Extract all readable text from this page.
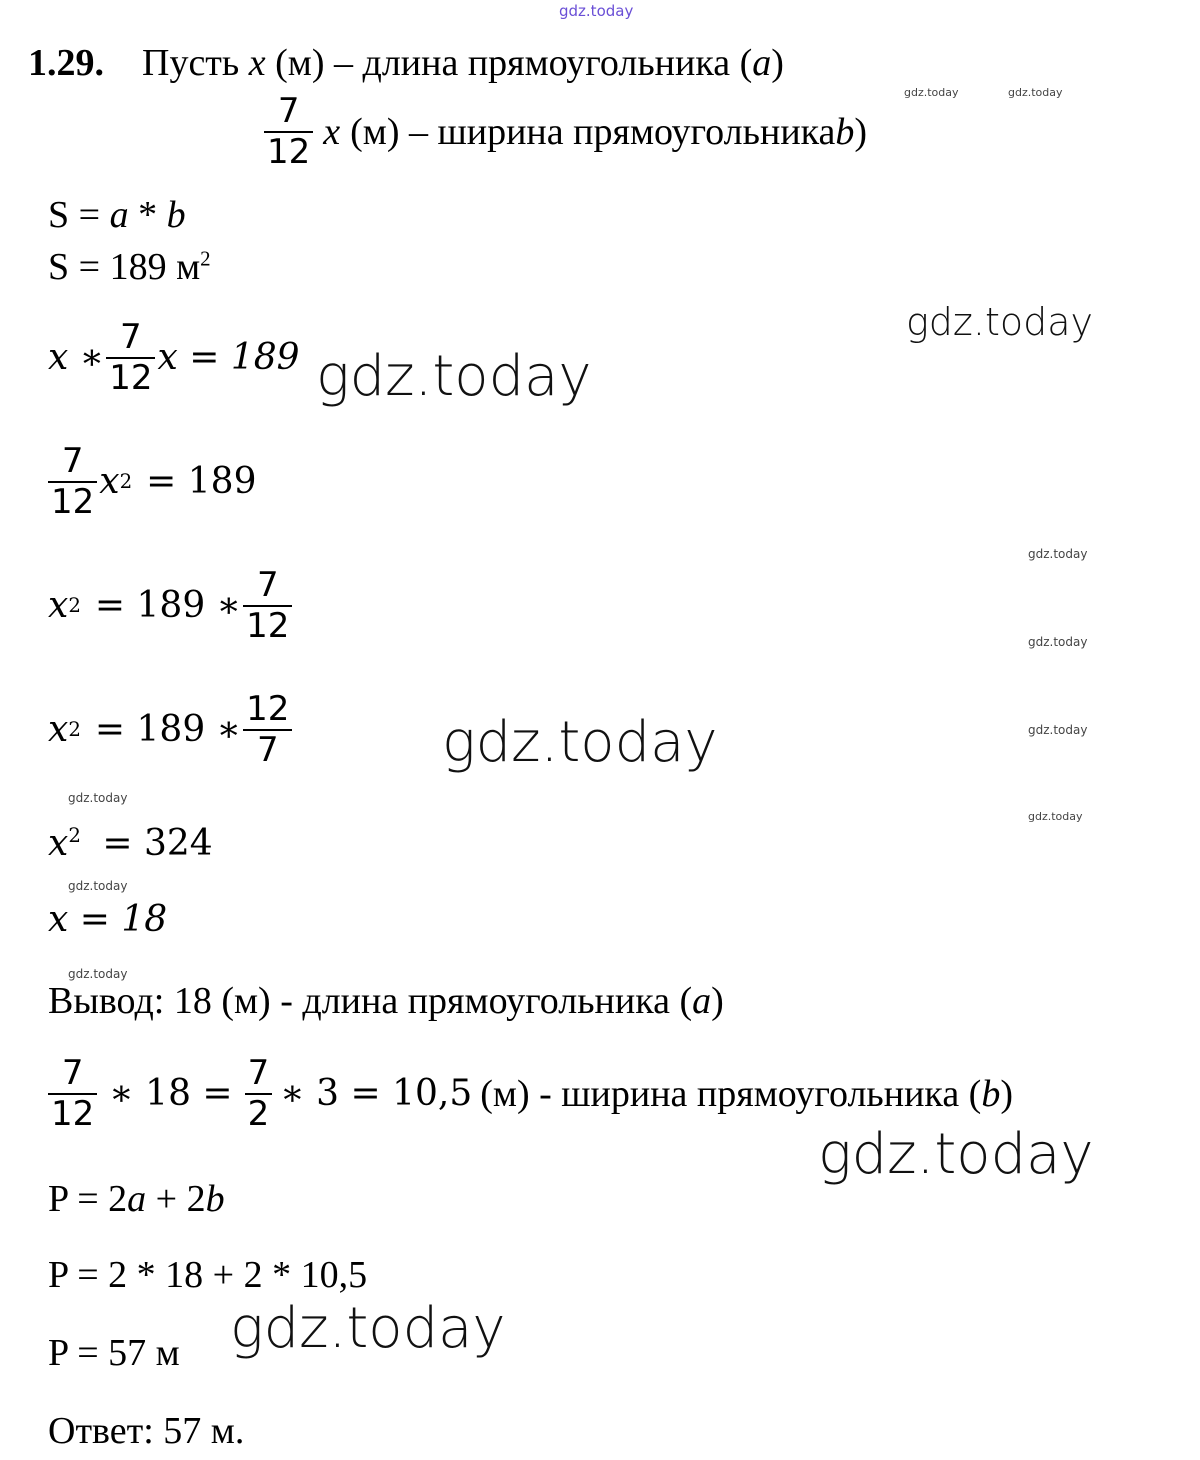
gdz.today
1.29. Пусть x (м) – длина прямоугольника (a)
gdz.today	gdz.today
$\frac{7}{12}$ x (м) – ширина прямоугольника b )
S = a * b
S = 189 $м^2$
gdz.today
x ∗ $\frac{7}{12}$ x = 189 gdz.today
$\frac{7}{12}$ x 2 = 189
gdz.today
x 2 = 189 ∗ $\frac{7}{12}$	gdz.today
x 2 = 189 ∗ $\frac{12}{7}$	gdz.today	gdz.today
gdz.today
gdz.today
$x^2 = 324$
gdz.today
x = 18
gdz.today
Вывод: 18 (м) - длина прямоугольника (a)
$\frac{7}{12}$ ∗ $18 = \frac{7}{2}$ ∗ 3 = 10,5 (м) - ширина прямоугольника ( b )
gdz.today
P = 2a + 2b
P = 2 * 18 + 2 * 10,5
P = 57 м gdz.today
Ответ: 57 м.
